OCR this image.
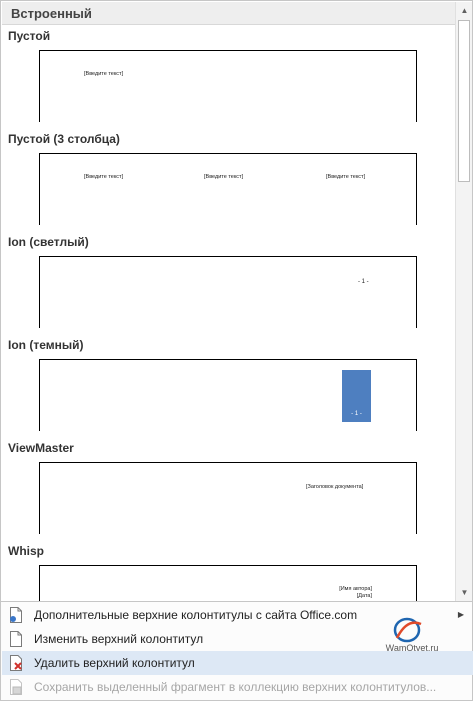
Встроенный
Пустой
[Введите текст]
Пустой (3 столбца)
[Введите текст]	[Введите текст]	[Введите текст]
Ion (светлый)
- 1 -
Ion (темный)
- 1 -
ViewMaster
[Заголовок документа]
Whisp
[Имя автора]
[Дата]
▲
▼
Дополнительные верхние колонтитулы с сайта Office.com	▶
Изменить верхний колонтитул
Удалить верхний колонтитул
Сохранить выделенный фрагмент в коллекцию верхних колонтитулов...
WamOtvet.ru
